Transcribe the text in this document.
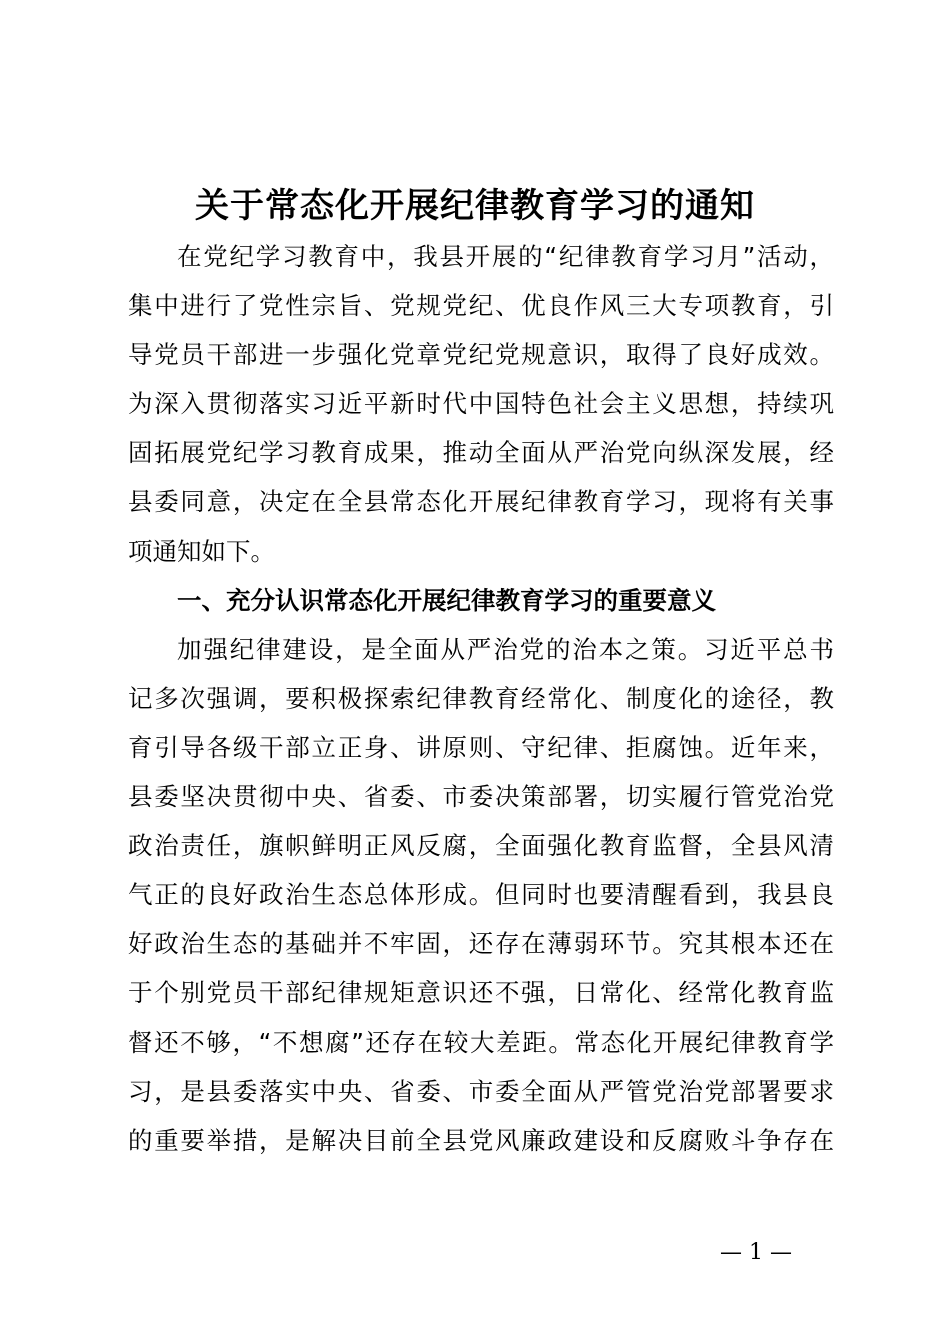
关于常态化开展纪律教育学习的通知
在党纪学习教育中，我县开展的“纪律教育学习月”活动，
集中进行了党性宗旨、党规党纪、优良作风三大专项教育，引
导党员干部进一步强化党章党纪党规意识，取得了良好成效。
为深入贯彻落实习近平新时代中国特色社会主义思想，持续巩
固拓展党纪学习教育成果，推动全面从严治党向纵深发展，经
县委同意，决定在全县常态化开展纪律教育学习，现将有关事
项通知如下。
一、充分认识常态化开展纪律教育学习的重要意义
加强纪律建设，是全面从严治党的治本之策。习近平总书
记多次强调，要积极探索纪律教育经常化、制度化的途径，教
育引导各级干部立正身、讲原则、守纪律、拒腐蚀。近年来，
县委坚决贯彻中央、省委、市委决策部署，切实履行管党治党
政治责任，旗帜鲜明正风反腐，全面强化教育监督，全县风清
气正的良好政治生态总体形成。但同时也要清醒看到，我县良
好政治生态的基础并不牢固，还存在薄弱环节。究其根本还在
于个别党员干部纪律规矩意识还不强，日常化、经常化教育监
督还不够，“不想腐”还存在较大差距。常态化开展纪律教育学
习，是县委落实中央、省委、市委全面从严管党治党部署要求
的重要举措，是解决目前全县党风廉政建设和反腐败斗争存在
— 1 —
